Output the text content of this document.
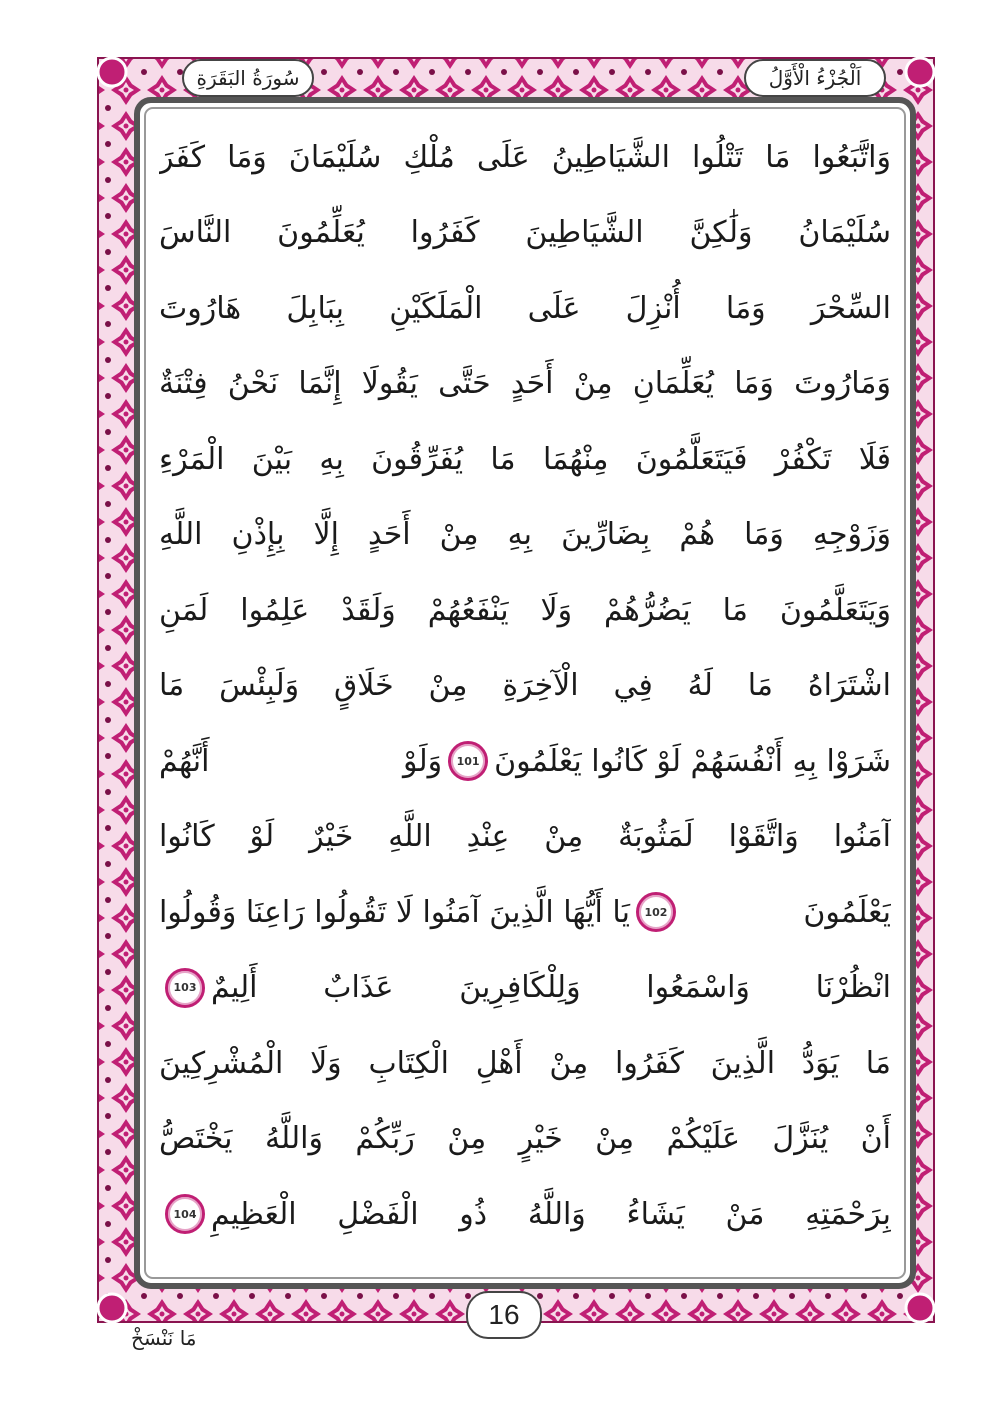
اَلْجُزْءُ الْأَوَّلُ
سُورَةُ البَقَرَةِ
وَاتَّبَعُوا مَا تَتْلُوا الشَّيَاطِينُ عَلَى مُلْكِ سُلَيْمَانَ وَمَا كَفَرَ
سُلَيْمَانُ وَلَٰكِنَّ الشَّيَاطِينَ كَفَرُوا يُعَلِّمُونَ النَّاسَ
السِّحْرَ وَمَا أُنْزِلَ عَلَى الْمَلَكَيْنِ بِبَابِلَ هَارُوتَ
وَمَارُوتَ وَمَا يُعَلِّمَانِ مِنْ أَحَدٍ حَتَّى يَقُولَا إِنَّمَا نَحْنُ فِتْنَةٌ
فَلَا تَكْفُرْ فَيَتَعَلَّمُونَ مِنْهُمَا مَا يُفَرِّقُونَ بِهِ بَيْنَ الْمَرْءِ
وَزَوْجِهِ وَمَا هُمْ بِضَارِّينَ بِهِ مِنْ أَحَدٍ إِلَّا بِإِذْنِ اللَّهِ
وَيَتَعَلَّمُونَ مَا يَضُرُّهُمْ وَلَا يَنْفَعُهُمْ وَلَقَدْ عَلِمُوا لَمَنِ
اشْتَرَاهُ مَا لَهُ فِي الْآخِرَةِ مِنْ خَلَاقٍ وَلَبِئْسَ مَا
شَرَوْا بِهِ أَنْفُسَهُمْ لَوْ كَانُوا يَعْلَمُونَ
101
وَلَوْ أَنَّهُمْ
آمَنُوا وَاتَّقَوْا لَمَثُوبَةٌ مِنْ عِنْدِ اللَّهِ خَيْرٌ لَوْ كَانُوا
يَعْلَمُونَ
102
يَا أَيُّهَا الَّذِينَ آمَنُوا لَا تَقُولُوا رَاعِنَا وَقُولُوا
انْظُرْنَا وَاسْمَعُوا وَلِلْكَافِرِينَ عَذَابٌ أَلِيمٌ
103
مَا يَوَدُّ الَّذِينَ كَفَرُوا مِنْ أَهْلِ الْكِتَابِ وَلَا الْمُشْرِكِينَ
أَنْ يُنَزَّلَ عَلَيْكُمْ مِنْ خَيْرٍ مِنْ رَبِّكُمْ وَاللَّهُ يَخْتَصُّ
بِرَحْمَتِهِ مَنْ يَشَاءُ وَاللَّهُ ذُو الْفَضْلِ الْعَظِيمِ
104
16
مَا نَنْسَخْ
